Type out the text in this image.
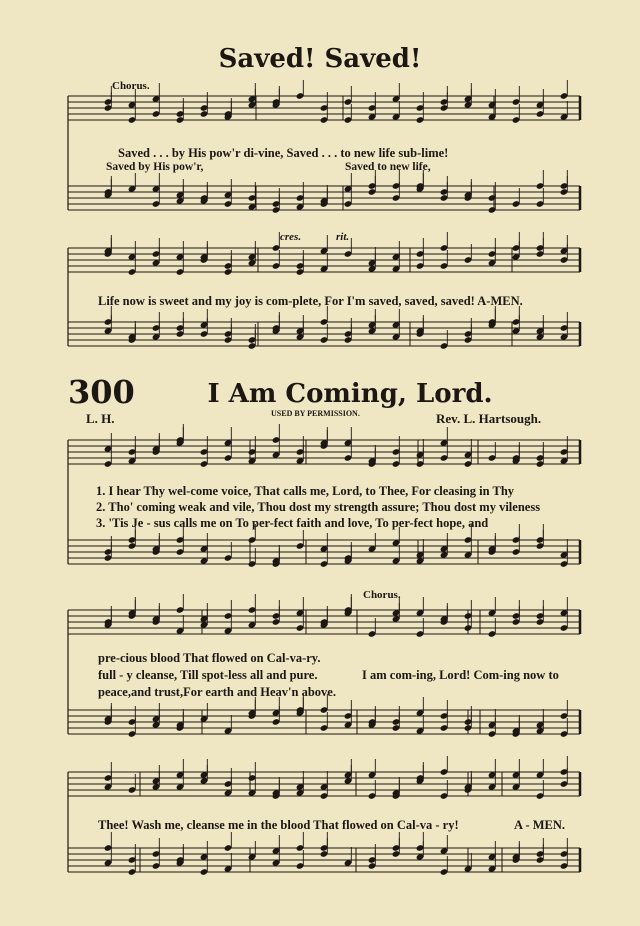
Saved! Saved!
Chorus.
Saved . . . by His pow'r di-vine, Saved . . . to new life sub-lime!
Saved by His pow'r,	Saved to new life,
cres.	rit.
Life now is sweet and my joy is com-plete, For I'm saved, saved, saved! A-MEN.
300	I Am Coming, Lord.
L. H.	USED BY PERMISSION.	Rev. L. Hartsough.
1. I hear Thy wel-come voice, That calls me, Lord, to Thee, For cleasing in Thy
2. Tho' coming weak and vile, Thou dost my strength assure; Thou dost my vileness
3. 'Tis Je - sus calls me on To per-fect faith and love, To per-fect hope, and
Chorus.
pre-cious blood That flowed on Cal-va-ry.
full - y cleanse, Till spot-less all and pure.
peace,and trust,For earth and Heav'n above.
I am com-ing, Lord! Com-ing now to
Thee! Wash me, cleanse me in the blood That flowed on Cal-va - ry!	A - MEN.
